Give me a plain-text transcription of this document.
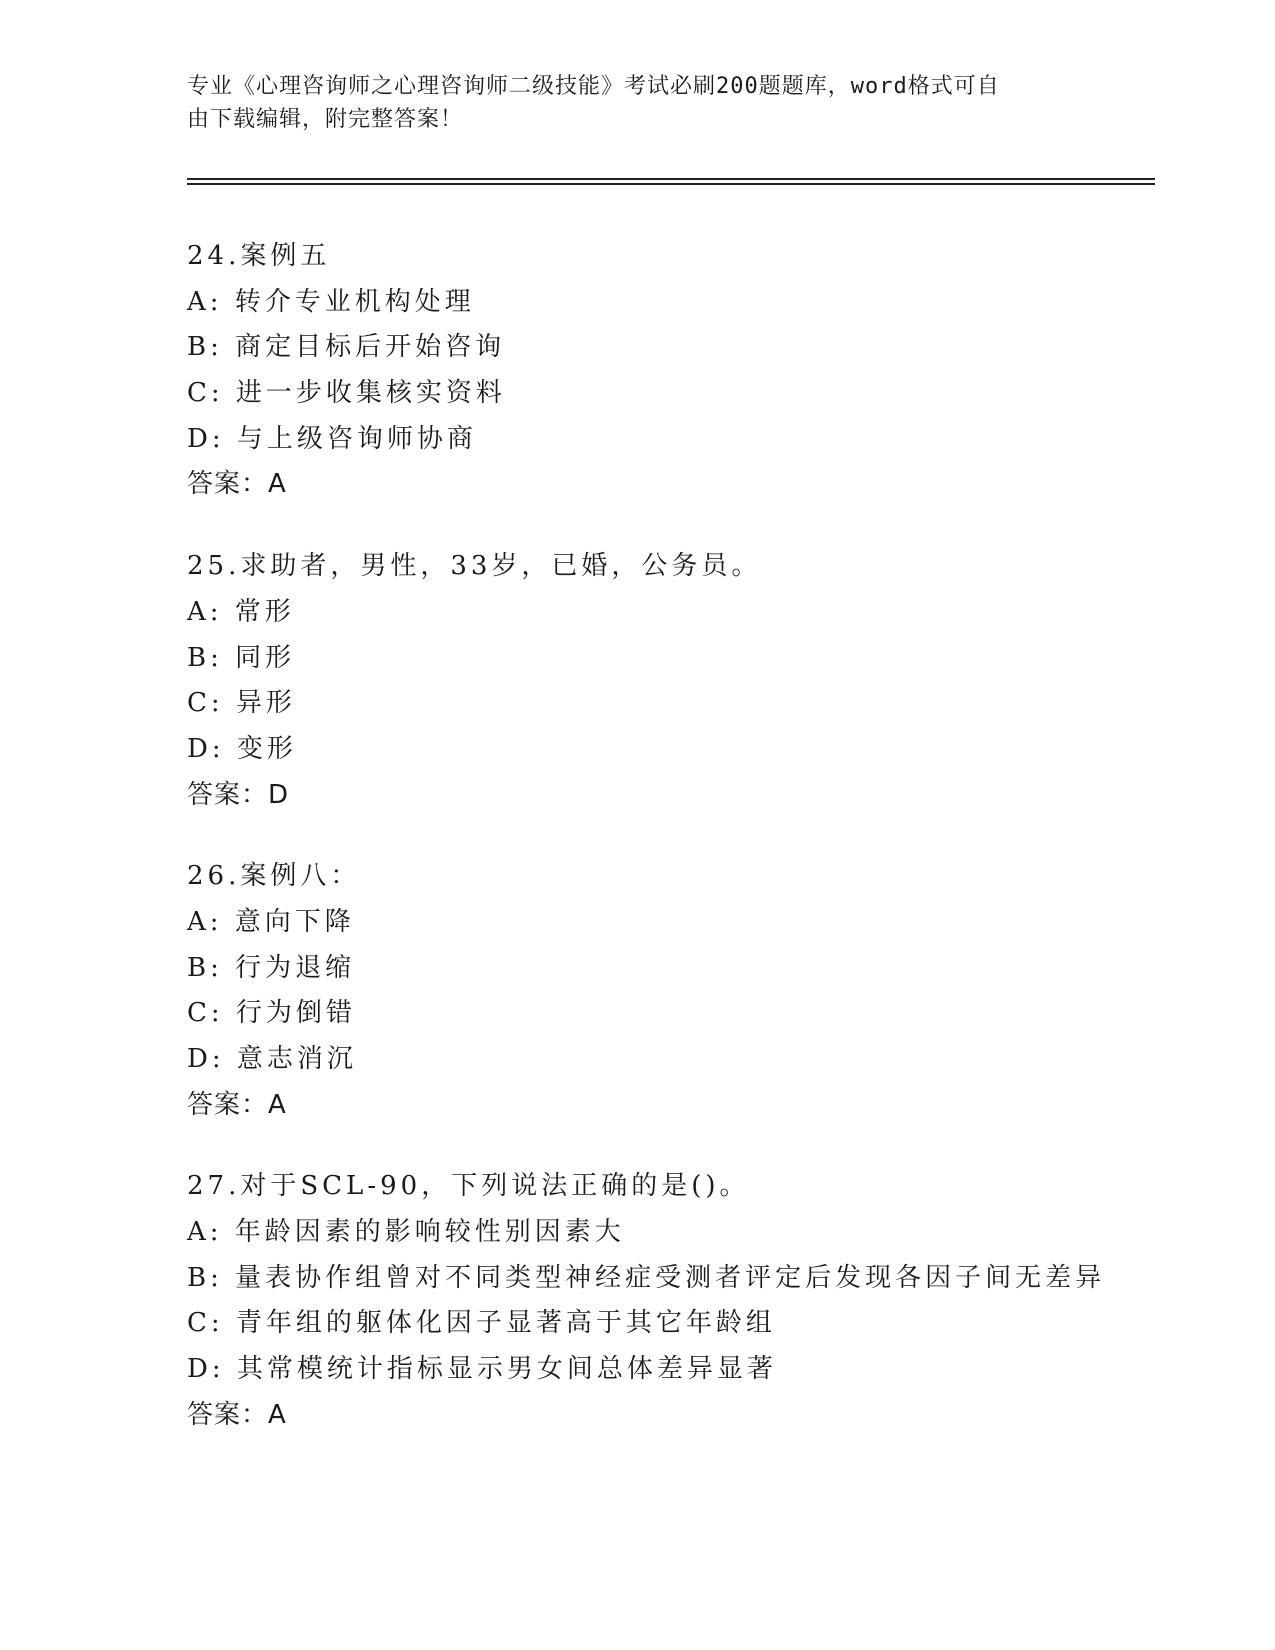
专业《心理咨询师之心理咨询师二级技能》考试必刷200题题库，word格式可自
由下载编辑，附完整答案！
24.案例五
A: 转介专业机构处理
B: 商定目标后开始咨询
C: 进一步收集核实资料
D: 与上级咨询师协商
答案：A
25.求助者，男性，33岁，已婚，公务员。
A: 常形
B: 同形
C: 异形
D: 变形
答案：D
26.案例八：
A: 意向下降
B: 行为退缩
C: 行为倒错
D: 意志消沉
答案：A
27.对于SCL-90，下列说法正确的是()。
A: 年龄因素的影响较性别因素大
B: 量表协作组曾对不同类型神经症受测者评定后发现各因子间无差异
C: 青年组的躯体化因子显著高于其它年龄组
D: 其常模统计指标显示男女间总体差异显著
答案：A
